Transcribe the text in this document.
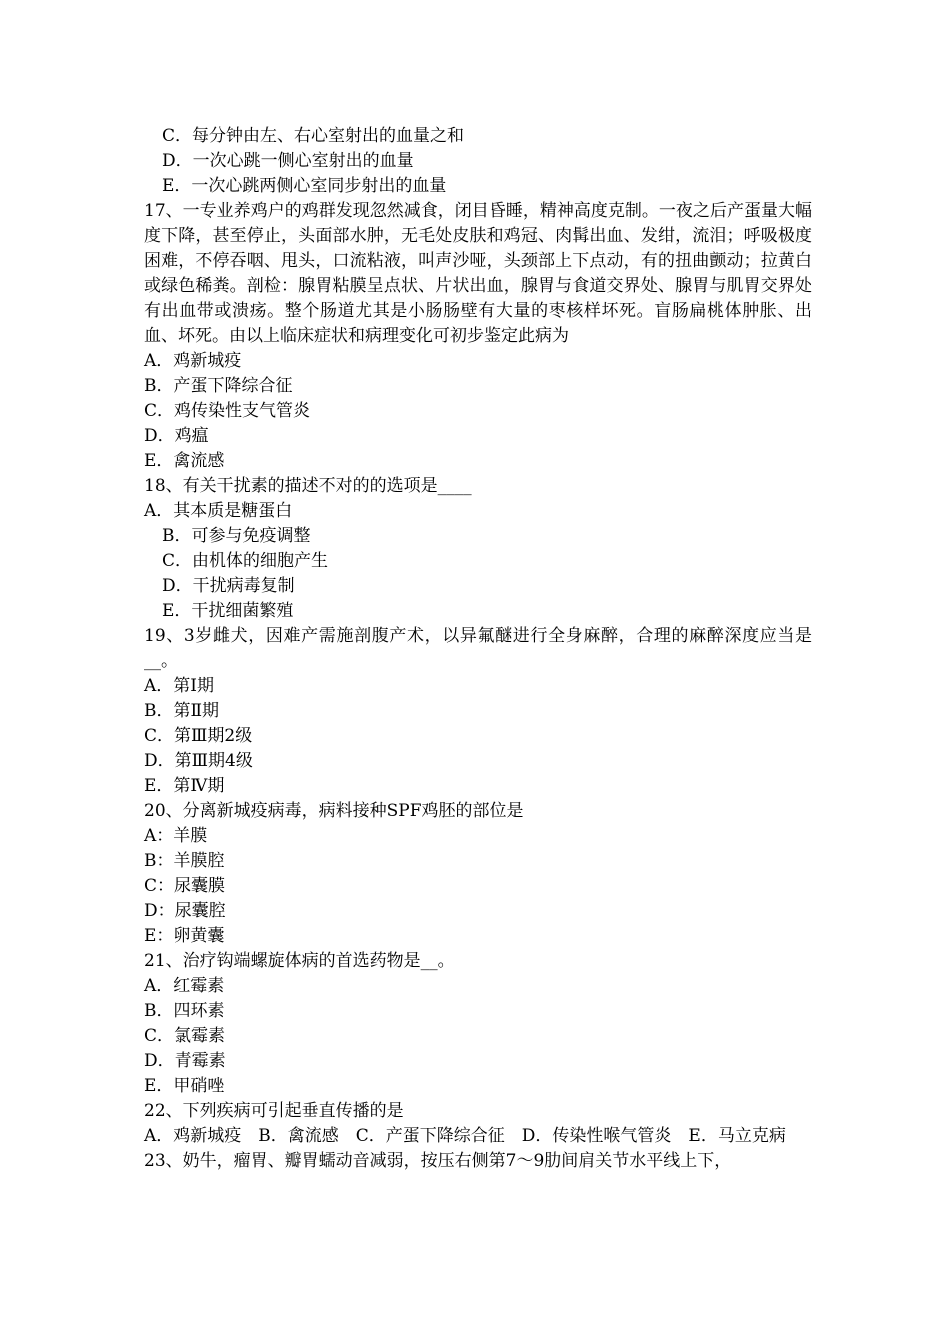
C．每分钟由左、右心室射出的血量之和

D．一次心跳一侧心室射出的血量

E．一次心跳两侧心室同步射出的血量

17、一专业养鸡户的鸡群发现忽然减食，闭目昏睡，精神高度克制。一夜之后产蛋量大幅度下降，甚至停止，头面部水肿，无毛处皮肤和鸡冠、肉髯出血、发绀，流泪；呼吸极度困难，不停吞咽、甩头，口流粘液，叫声沙哑，头颈部上下点动，有的扭曲颤动；拉黄白或绿色稀粪。剖检：腺胃粘膜呈点状、片状出血，腺胃与食道交界处、腺胃与肌胃交界处有出血带或溃疡。整个肠道尤其是小肠肠壁有大量的枣核样坏死。盲肠扁桃体肿胀、出血、坏死。由以上临床症状和病理变化可初步鉴定此病为

A．鸡新城疫

B．产蛋下降综合征

C．鸡传染性支气管炎

D．鸡瘟

E．禽流感

18、有关干扰素的描述不对的的选项是____

A．其本质是糖蛋白

B．可参与免疫调整

C．由机体的细胞产生

D．干扰病毒复制

E．干扰细菌繁殖

19、3岁雌犬，因难产需施剖腹产术，以异氟醚进行全身麻醉，合理的麻醉深度应当是__。

A．第Ⅰ期

B．第Ⅱ期

C．第Ⅲ期2级

D．第Ⅲ期4级

E．第Ⅳ期

20、分离新城疫病毒，病料接种SPF鸡胚的部位是

A：羊膜

B：羊膜腔

C：尿囊膜

D：尿囊腔

E：卵黄囊

21、治疗钩端螺旋体病的首选药物是__。

A．红霉素

B．四环素

C．氯霉素

D．青霉素

E．甲硝唑

22、下列疾病可引起垂直传播的是

A．鸡新城疫　B．禽流感　C．产蛋下降综合征　D．传染性喉气管炎　E．马立克病

23、奶牛，瘤胃、瓣胃蠕动音减弱，按压右侧第7～9肋间肩关节水平线上下，
